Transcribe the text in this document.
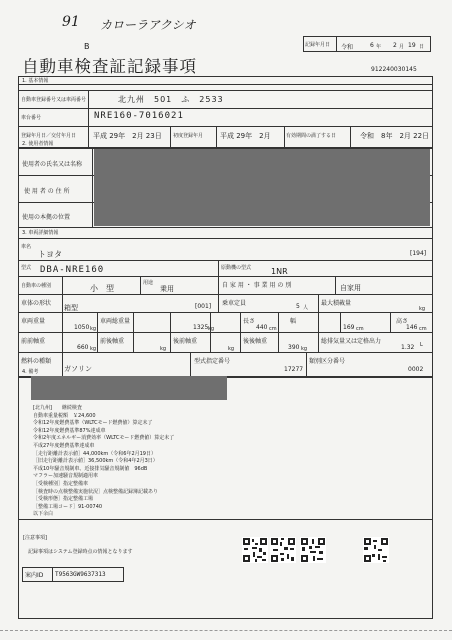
91 カローラアクシオ
B	記録年月日 令和	6 年 2 月 19 日
自動車検査証記録事項	912240030145
1. 基本情報
自動車登録番号又は車両番号	北九州　501　ふ　2533
車台番号	NRE160-7016021
登録年月日／交付年月日 平成 29年　2月 23日 初度登録年月 平成 29年　2月	有効期間の満了する日	令和　8年　2月 22日
2. 使用者情報
使用者の氏名又は名称
使 用 者 の 住 所
使用の本拠の位置
3. 車両詳細情報
車名
トヨタ	[194]
型式 DBA-NRE160	原動機の型式 1NR
自動車の種別	小　型
用途
乗用	自 家 用 ・ 事 業 用 の 別	自家用
車体の形状
箱型	[001] 乗車定員	5 人
最大積載量
kg
車両重量
1050 kg
車両総重量
1325 kg
長さ
440 cm
幅
169 cm
高さ
146 cm
前前軸重
660 kg
前後軸重
kg
後前軸重
kg
後後軸重
390 kg
総排気量又は定格出力
1.32 L
燃料の種類
ガソリン
型式指定番号
17277
類別区分番号
0002
4. 備考
[北九州]　　継続検査
自動車重量税額　￥24,600
令和12年度燃費基準（WLTCモード燃費値）算定未了
令和12年度燃費基準87%達成車
令和2年度エネルギー消費効率（WLTCモード燃費値）算定未了
平成27年度燃費基準達成車
［走行距離計表示値］44,000km（令和6年2月19日）
［旧走行距離計表示値］36,500km（令和4年2月3日）
平成10年騒音規制車、近接排気騒音規制値　96dB
マフラー加速騒音規制適用車
［受検種別］指定整備車
［検査時の点検整備実施状況］点検整備記録簿記載あり
［受検形態］指定整備工場
［整備工場コード］91-00740
以下余白
[注意事項]
記録事項はシステム登録時点の情報となります
案内ID T9563GW9637313
